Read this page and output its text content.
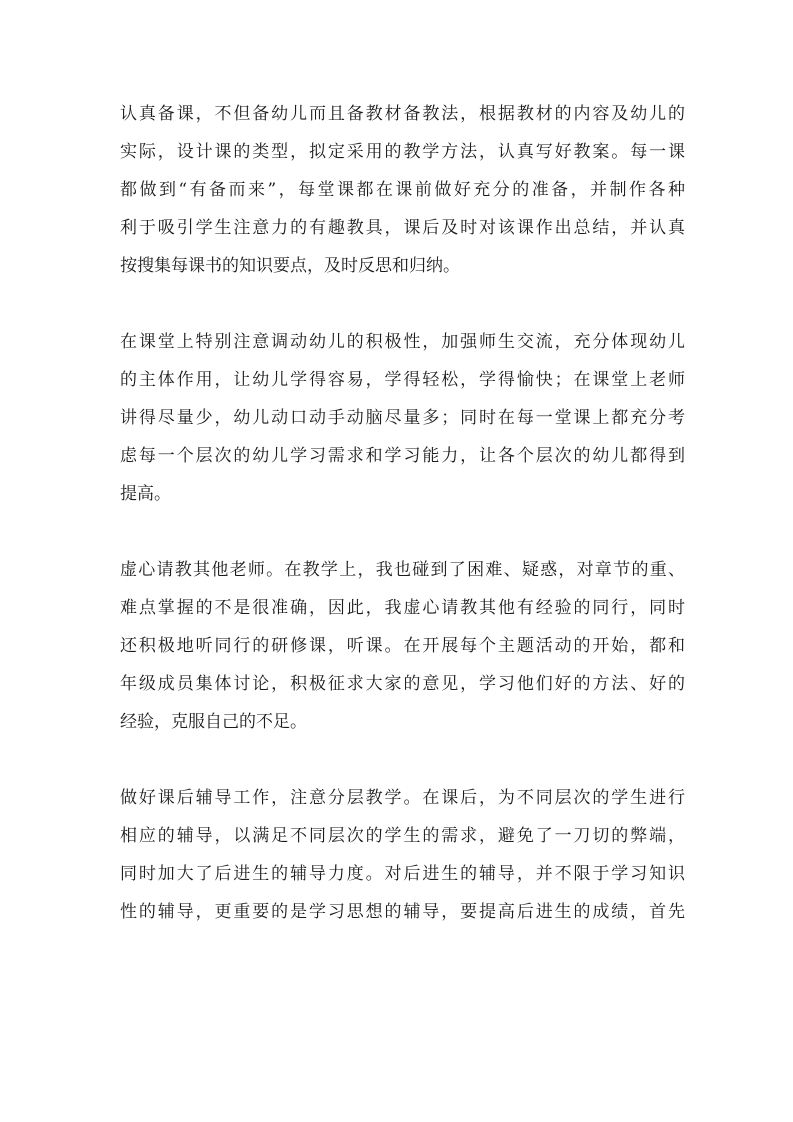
认真备课，不但备幼儿而且备教材备教法，根据教材的内容及幼儿的
实际，设计课的类型，拟定采用的教学方法，认真写好教案。每一课
都做到“有备而来”，每堂课都在课前做好充分的准备，并制作各种
利于吸引学生注意力的有趣教具，课后及时对该课作出总结，并认真
按搜集每课书的知识要点，及时反思和归纳。

在课堂上特别注意调动幼儿的积极性，加强师生交流，充分体现幼儿
的主体作用，让幼儿学得容易，学得轻松，学得愉快；在课堂上老师
讲得尽量少，幼儿动口动手动脑尽量多；同时在每一堂课上都充分考
虑每一个层次的幼儿学习需求和学习能力，让各个层次的幼儿都得到
提高。

虚心请教其他老师。在教学上，我也碰到了困难、疑惑，对章节的重、
难点掌握的不是很准确，因此，我虚心请教其他有经验的同行，同时
还积极地听同行的研修课，听课。在开展每个主题活动的开始，都和
年级成员集体讨论，积极征求大家的意见，学习他们好的方法、好的
经验，克服自己的不足。

做好课后辅导工作，注意分层教学。在课后，为不同层次的学生进行
相应的辅导，以满足不同层次的学生的需求，避免了一刀切的弊端，
同时加大了后进生的辅导力度。对后进生的辅导，并不限于学习知识
性的辅导，更重要的是学习思想的辅导，要提高后进生的成绩，首先
